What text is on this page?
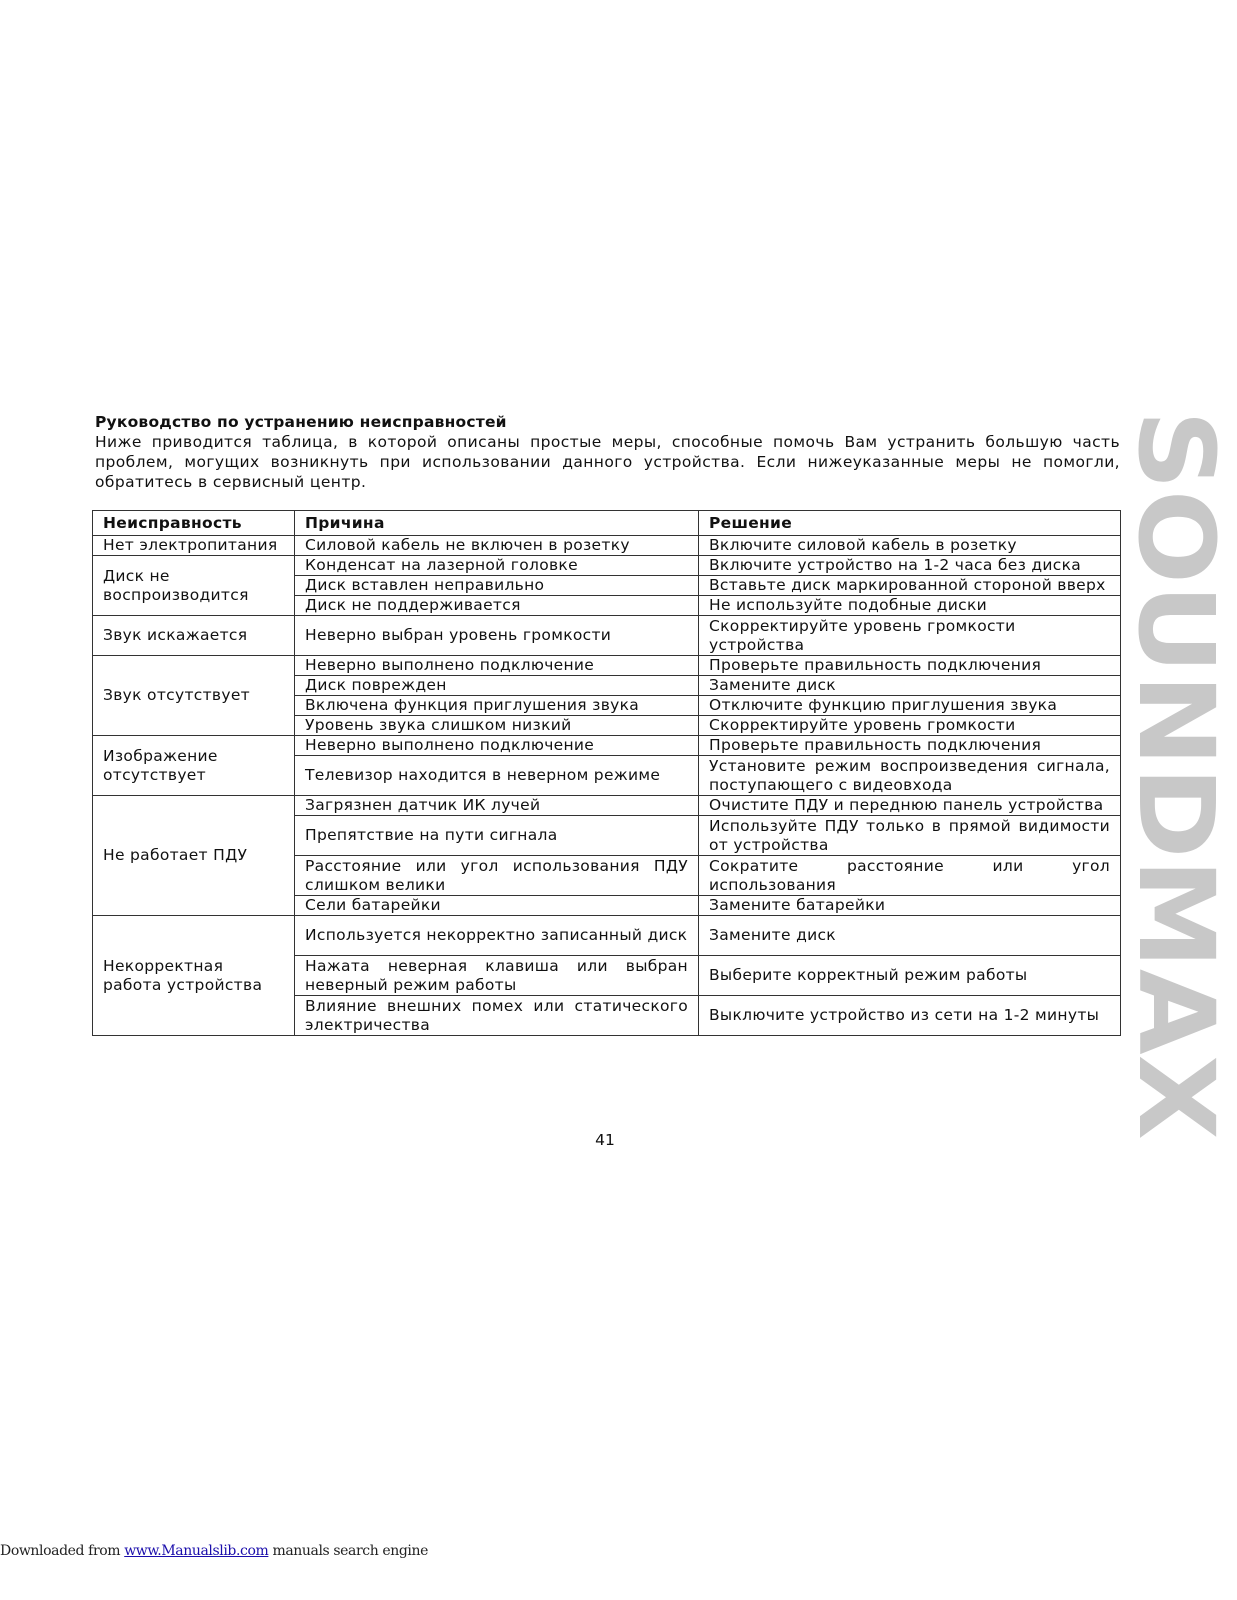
Руководство по устранению неисправностей
Ниже приводится таблица, в которой описаны простые меры, способные помочь Вам устранить большую часть проблем, могущих возникнуть при использовании данного устройства. Если нижеуказанные меры не помогли, обратитесь в сервисный центр.
Неисправность	Причина	Решение
Нет электропитания	Силовой кабель не включен в розетку	Включите силовой кабель в розетку
Диск не воспроизводится	Конденсат на лазерной головке	Включите устройство на 1-2 часа без диска
	Диск вставлен неправильно	Вставьте диск маркированной стороной вверх
	Диск не поддерживается	Не используйте подобные диски
Звук искажается	Неверно выбран уровень громкости	Скорректируйте уровень громкости устройства
Звук отсутствует	Неверно выполнено подключение	Проверьте правильность подключения
	Диск поврежден	Замените диск
	Включена функция приглушения звука	Отключите функцию приглушения звука
	Уровень звука слишком низкий	Скорректируйте уровень громкости
Изображение отсутствует	Неверно выполнено подключение	Проверьте правильность подключения
	Телевизор находится в неверном режиме	Установите режим воспроизведения сигнала, поступающего с видеовхода
Не работает ПДУ	Загрязнен датчик ИК лучей	Очистите ПДУ и переднюю панель устройства
	Препятствие на пути сигнала	Используйте ПДУ только в прямой видимости от устройства
	Расстояние или угол использования ПДУ слишком велики	Сократите расстояние или угол использования
	Сели батарейки	Замените батарейки
Некорректная работа устройства	Используется некорректно записанный диск	Замените диск
	Нажата неверная клавиша или выбран неверный режим работы	Выберите корректный режим работы
	Влияние внешних помех или статического электричества	Выключите устройство из сети на 1-2 минуты SOUNDMAX
41
Downloaded from www.Manualslib.com manuals search engine
